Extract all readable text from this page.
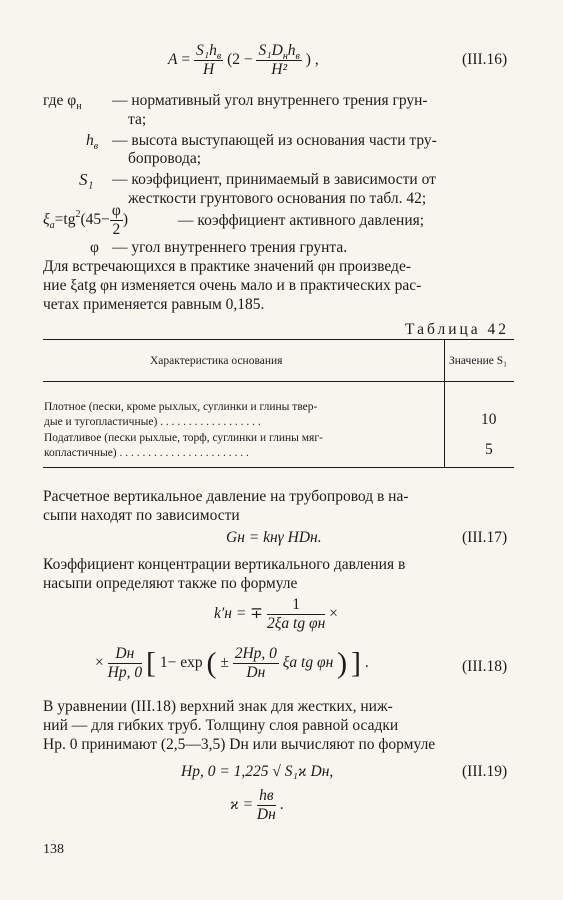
$A = \frac{S_1h_в}{H} (2 - \frac{S_1D_нh_в}{\text{H²}}$ ) ,	(III.16)
где $\varphi_н$ — нормативный угол внутреннего трения грун-
та;
$h_в$ — высота выступающей из основания части тру-
бопровода;
S₁ — коэффициент, принимаемый в зависимости от
жесткости грунтового основания по табл. 42;
$\xi_a=tg^2(45- \frac{\varphi}{2}$ )	— коэффициент активного давления;
φ — угол внутреннего трения грунта.
Для встречающихся в практике значений φн произведе-
ние ξatg φн изменяется очень мало и в практических рас-
четах применяется равным 0,185.
Таблица 42
Характеристика основания	Значение S₁
Плотное (пески, кроме рыхлых, суглинки и глины твер-
дые и тугопластичные) . . . . . . . . . . . . . . . . . .	10
Податливое (пески рыхлые, торф, суглинки и глины мяг-
копластичные) . . . . . . . . . . . . . . . . . . . . . . .	5
Расчетное вертикальное давление на трубопровод в на-
сыпи находят по зависимости
Gн = kнγ HDн.	(III.17)
Коэффициент концентрации вертикального давления в
насыпи определяют также по формуле
k′н = ∓ $\frac{1}{\text{2ξa tg φн}}$ ×
× $\frac{Dн}{Hp, 0}$ [ 1− exp ( ± $\frac{2Hp, 0}{Dн}$ ξa tg φн ) ] .	(III.18)
В уравнении (III.18) верхний знак для жестких, ниж-
ний — для гибких труб. Толщину слоя равной осадки
Hр. 0 принимают (2,5—3,5) Dн или вычисляют по формуле
Hp, 0 = 1,225 √ S₁ϰ Dн,	(III.19)
$ϰ = \frac{hв}{Dн}$ .
138
